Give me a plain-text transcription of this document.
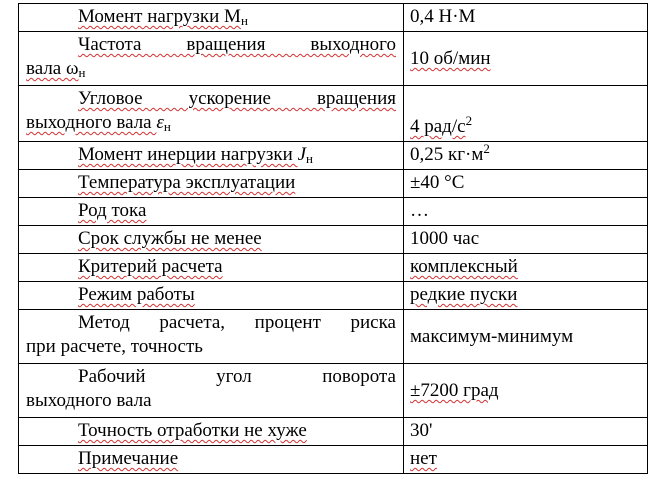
Момент нагрузки $М_н$	0,4 Н·М

Частота вращения выходного
вала $\omega_н$	10 об/мин

Угловое ускорение вращения
выходного вала $\varepsilon_н$	4 рад/$с^2$
Момент инерции нагрузки $J_н$	0,25 $кг\cdot м^2$
Температура эксплуатации	±40 °С
Род тока	…
Срок службы не менее	1000 час
Критерий расчета	комплексный
Режим работы	редкие пуски

Метод расчета, процент риска
при расчете, точность	максимум-минимум

Рабочий угол поворота
выходного вала	±7200 град
Точность отработки не хуже	30'
Примечание	нет
